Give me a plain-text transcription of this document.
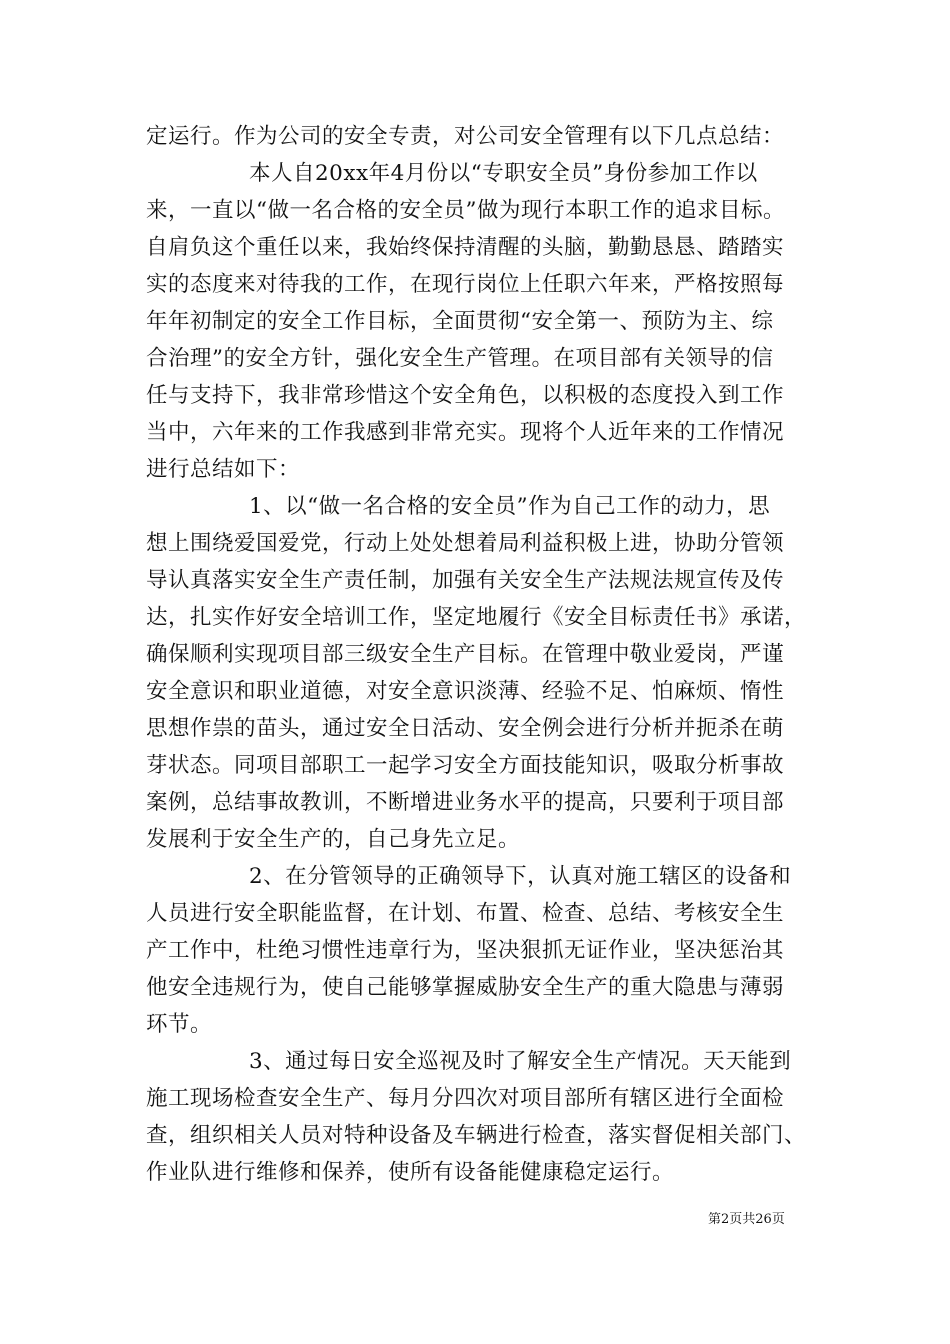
定运行。作为公司的安全专责，对公司安全管理有以下几点总结：

本人自20xx年4月份以“专职安全员”身份参加工作以

来，一直以“做一名合格的安全员”做为现行本职工作的追求目标。

自肩负这个重任以来，我始终保持清醒的头脑，勤勤恳恳、踏踏实

实的态度来对待我的工作，在现行岗位上任职六年来，严格按照每

年年初制定的安全工作目标，全面贯彻“安全第一、预防为主、综

合治理”的安全方针，强化安全生产管理。在项目部有关领导的信

任与支持下，我非常珍惜这个安全角色，以积极的态度投入到工作

当中，六年来的工作我感到非常充实。现将个人近年来的工作情况

进行总结如下：

1、以“做一名合格的安全员”作为自己工作的动力，思

想上围绕爱国爱党，行动上处处想着局利益积极上进，协助分管领

导认真落实安全生产责任制，加强有关安全生产法规法规宣传及传

达，扎实作好安全培训工作，坚定地履行《安全目标责任书》承诺，

确保顺利实现项目部三级安全生产目标。在管理中敬业爱岗，严谨

安全意识和职业道德，对安全意识淡薄、经验不足、怕麻烦、惰性

思想作祟的苗头，通过安全日活动、安全例会进行分析并扼杀在萌

芽状态。同项目部职工一起学习安全方面技能知识，吸取分析事故

案例，总结事故教训，不断增进业务水平的提高，只要利于项目部

发展利于安全生产的，自己身先立足。

2、在分管领导的正确领导下，认真对施工辖区的设备和

人员进行安全职能监督，在计划、布置、检查、总结、考核安全生

产工作中，杜绝习惯性违章行为，坚决狠抓无证作业，坚决惩治其

他安全违规行为，使自己能够掌握威胁安全生产的重大隐患与薄弱

环节。

3、通过每日安全巡视及时了解安全生产情况。天天能到

施工现场检查安全生产、每月分四次对项目部所有辖区进行全面检

查，组织相关人员对特种设备及车辆进行检查，落实督促相关部门、

作业队进行维修和保养，使所有设备能健康稳定运行。

第2页共26页
